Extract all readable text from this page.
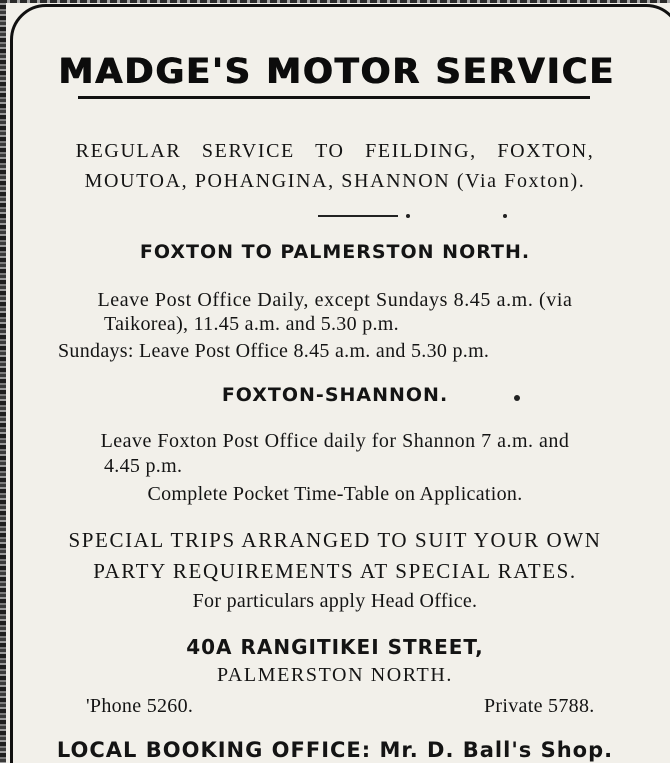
MADGE'S MOTOR SERVICE
REGULAR SERVICE TO FEILDING, FOXTON,
MOUTOA, POHANGINA, SHANNON (Via Foxton).
FOXTON TO PALMERSTON NORTH.
Leave Post Office Daily, except Sundays 8.45 a.m. (via
Taikorea), 11.45 a.m. and 5.30 p.m.
Sundays: Leave Post Office 8.45 a.m. and 5.30 p.m.
FOXTON-SHANNON.
Leave Foxton Post Office daily for Shannon 7 a.m. and
4.45 p.m.
Complete Pocket Time-Table on Application.
SPECIAL TRIPS ARRANGED TO SUIT YOUR OWN
PARTY REQUIREMENTS AT SPECIAL RATES.
For particulars apply Head Office.
40A RANGITIKEI STREET,
PALMERSTON NORTH.
'Phone 5260.	Private 5788.
LOCAL BOOKING OFFICE: Mr. D. Ball's Shop.
